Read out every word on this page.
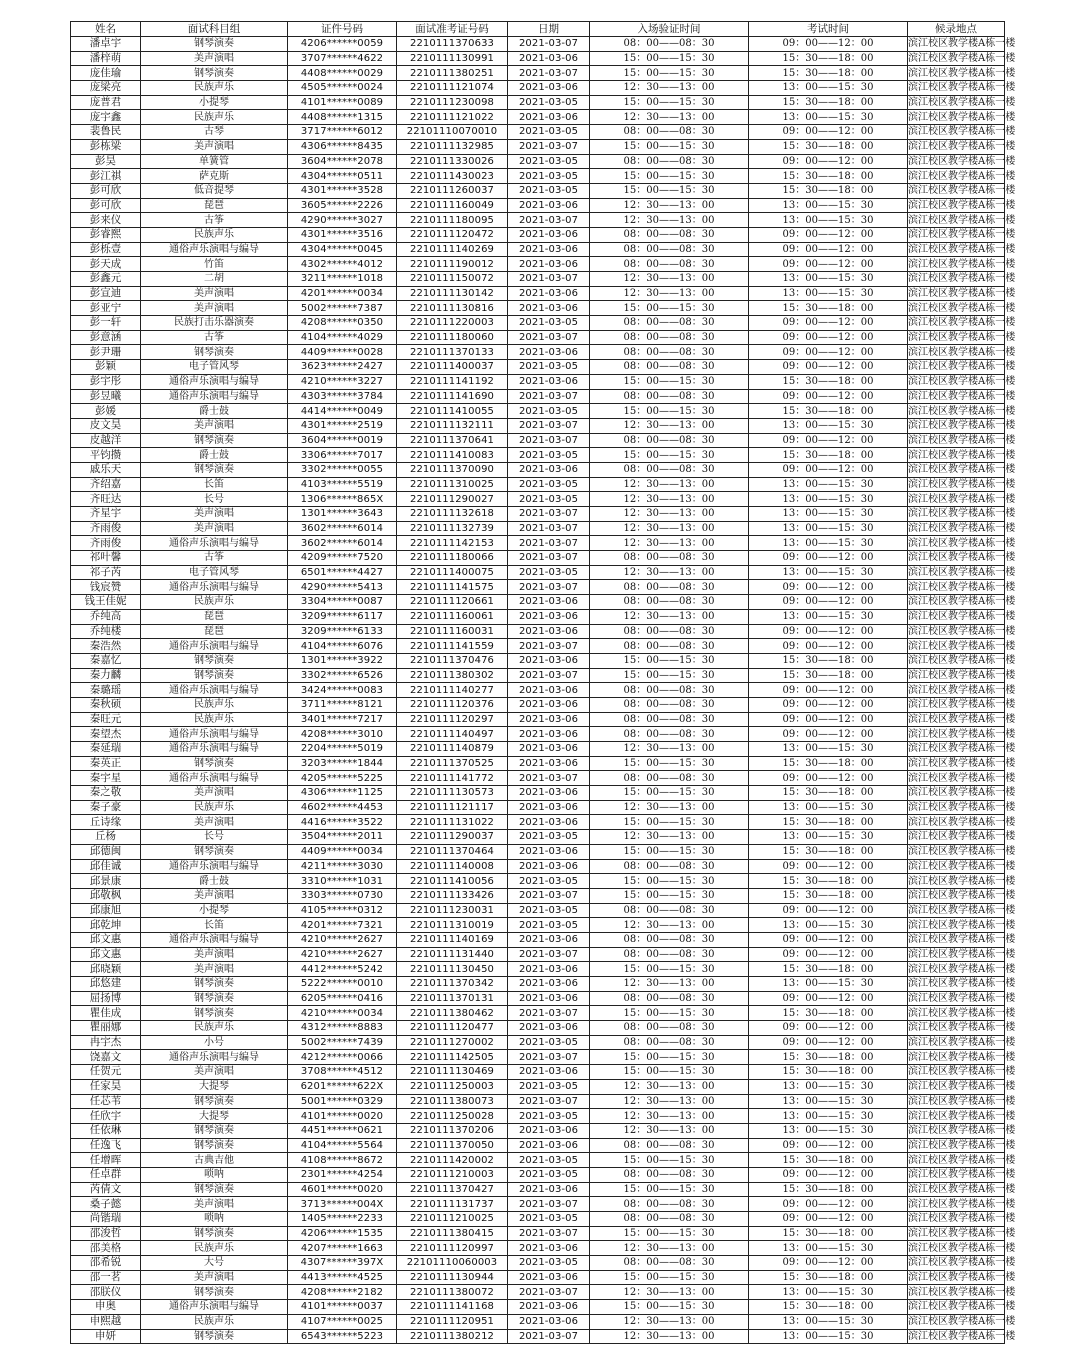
姓名	面试科目组	证件号码	面试准考证号码	日期	入场验证时间	考试时间	候录地点
潘卓宇	钢琴演奏	4206******0059	2210111370633	2021-03-07	08：00——08：30	09：00——12：00	滨江校区教学楼A栋一楼
潘梓萌	美声演唱	3707******4622	2210111130991	2021-03-06	15：00——15：30	15：30——18：00	滨江校区教学楼A栋一楼
庞佳瑜	钢琴演奏	4408******0029	2210111380251	2021-03-07	15：00——15：30	15：30——18：00	滨江校区教学楼A栋一楼
庞梁亮	民族声乐	4505******0024	2210111121074	2021-03-06	12：30——13：00	13：00——15：30	滨江校区教学楼A栋一楼
庞普君	小提琴	4101******0089	2210111230098	2021-03-05	15：00——15：30	15：30——18：00	滨江校区教学楼A栋一楼
庞宇鑫	民族声乐	4408******1315	2210111121022	2021-03-06	12：30——13：00	13：00——15：30	滨江校区教学楼A栋一楼
裴鲁民	古琴	3717******6012	22101110070010	2021-03-05	08：00——08：30	09：00——12：00	滨江校区教学楼A栋一楼
彭栋梁	美声演唱	4306******8435	2210111132985	2021-03-07	15：00——15：30	15：30——18：00	滨江校区教学楼A栋一楼
彭昊	单簧管	3604******2078	2210111330026	2021-03-05	08：00——08：30	09：00——12：00	滨江校区教学楼A栋一楼
彭江祺	萨克斯	4304******0511	2210111430023	2021-03-05	15：00——15：30	15：30——18：00	滨江校区教学楼A栋一楼
彭可欣	低音提琴	4301******3528	2210111260037	2021-03-05	15：00——15：30	15：30——18：00	滨江校区教学楼A栋一楼
彭可欣	琵琶	3605******2226	2210111160049	2021-03-06	12：30——13：00	13：00——15：30	滨江校区教学楼A栋一楼
彭来仪	古筝	4290******3027	2210111180095	2021-03-07	12：30——13：00	13：00——15：30	滨江校区教学楼A栋一楼
彭睿熙	民族声乐	4301******3516	2210111120472	2021-03-06	08：00——08：30	09：00——12：00	滨江校区教学楼A栋一楼
彭栎壹	通俗声乐演唱与编导	4304******0045	2210111140269	2021-03-06	08：00——08：30	09：00——12：00	滨江校区教学楼A栋一楼
彭天成	竹笛	4302******4012	2210111190012	2021-03-06	08：00——08：30	09：00——12：00	滨江校区教学楼A栋一楼
彭鑫元	二胡	3211******1018	2210111150072	2021-03-07	12：30——13：00	13：00——15：30	滨江校区教学楼A栋一楼
彭宣迪	美声演唱	4201******0034	2210111130142	2021-03-06	12：30——13：00	13：00——15：30	滨江校区教学楼A栋一楼
彭亚宁	美声演唱	5002******7387	2210111130816	2021-03-06	15：00——15：30	15：30——18：00	滨江校区教学楼A栋一楼
彭一轩	民族打击乐器演奏	4208******0350	2210111220003	2021-03-05	08：00——08：30	09：00——12：00	滨江校区教学楼A栋一楼
彭意涵	古筝	4104******4029	2210111180060	2021-03-07	08：00——08：30	09：00——12：00	滨江校区教学楼A栋一楼
彭尹珊	钢琴演奏	4409******0028	2210111370133	2021-03-06	08：00——08：30	09：00——12：00	滨江校区教学楼A栋一楼
彭颖	电子管风琴	3623******2427	2210111400037	2021-03-05	08：00——08：30	09：00——12：00	滨江校区教学楼A栋一楼
彭宇彤	通俗声乐演唱与编导	4210******3227	2210111141192	2021-03-06	15：00——15：30	15：30——18：00	滨江校区教学楼A栋一楼
彭昱曦	通俗声乐演唱与编导	4303******3784	2210111141690	2021-03-07	08：00——08：30	09：00——12：00	滨江校区教学楼A栋一楼
彭媛	爵士鼓	4414******0049	2210111410055	2021-03-05	15：00——15：30	15：30——18：00	滨江校区教学楼A栋一楼
皮文昊	美声演唱	4301******2519	2210111132111	2021-03-07	12：30——13：00	13：00——15：30	滨江校区教学楼A栋一楼
皮越洋	钢琴演奏	3604******0019	2210111370641	2021-03-07	08：00——08：30	09：00——12：00	滨江校区教学楼A栋一楼
平钧攒	爵士鼓	3306******7017	2210111410083	2021-03-05	15：00——15：30	15：30——18：00	滨江校区教学楼A栋一楼
戚乐天	钢琴演奏	3302******0055	2210111370090	2021-03-06	08：00——08：30	09：00——12：00	滨江校区教学楼A栋一楼
齐绍嘉	长笛	4103******5519	2210111310025	2021-03-05	12：30——13：00	13：00——15：30	滨江校区教学楼A栋一楼
齐旺达	长号	1306******865X	2210111290027	2021-03-05	12：30——13：00	13：00——15：30	滨江校区教学楼A栋一楼
齐星宇	美声演唱	1301******3643	2210111132618	2021-03-07	12：30——13：00	13：00——15：30	滨江校区教学楼A栋一楼
齐雨俊	美声演唱	3602******6014	2210111132739	2021-03-07	12：30——13：00	13：00——15：30	滨江校区教学楼A栋一楼
齐雨俊	通俗声乐演唱与编导	3602******6014	2210111142153	2021-03-07	12：30——13：00	13：00——15：30	滨江校区教学楼A栋一楼
祁叶馨	古筝	4209******7520	2210111180066	2021-03-07	08：00——08：30	09：00——12：00	滨江校区教学楼A栋一楼
祁子芮	电子管风琴	6501******4427	2210111400075	2021-03-05	12：30——13：00	13：00——15：30	滨江校区教学楼A栋一楼
钱宸赞	通俗声乐演唱与编导	4290******5413	2210111141575	2021-03-07	08：00——08：30	09：00——12：00	滨江校区教学楼A栋一楼
钱王佳妮	民族声乐	3304******0087	2210111120661	2021-03-06	08：00——08：30	09：00——12：00	滨江校区教学楼A栋一楼
乔纯高	琵琶	3209******6117	2210111160061	2021-03-06	12：30——13：00	13：00——15：30	滨江校区教学楼A栋一楼
乔纯楼	琵琶	3209******6133	2210111160031	2021-03-06	08：00——08：30	09：00——12：00	滨江校区教学楼A栋一楼
秦浩然	通俗声乐演唱与编导	4104******6076	2210111141559	2021-03-07	08：00——08：30	09：00——12：00	滨江校区教学楼A栋一楼
秦嘉忆	钢琴演奏	1301******3922	2210111370476	2021-03-06	15：00——15：30	15：30——18：00	滨江校区教学楼A栋一楼
秦力麟	钢琴演奏	3302******6526	2210111380302	2021-03-07	15：00——15：30	15：30——18：00	滨江校区教学楼A栋一楼
秦璐瑶	通俗声乐演唱与编导	3424******0083	2210111140277	2021-03-06	08：00——08：30	09：00——12：00	滨江校区教学楼A栋一楼
秦秋硕	民族声乐	3711******8121	2210111120376	2021-03-06	08：00——08：30	09：00——12：00	滨江校区教学楼A栋一楼
秦旺元	民族声乐	3401******7217	2210111120297	2021-03-06	08：00——08：30	09：00——12：00	滨江校区教学楼A栋一楼
秦望杰	通俗声乐演唱与编导	4208******3010	2210111140497	2021-03-06	08：00——08：30	09：00——12：00	滨江校区教学楼A栋一楼
秦延瑞	通俗声乐演唱与编导	2204******5019	2210111140879	2021-03-06	12：30——13：00	13：00——15：30	滨江校区教学楼A栋一楼
秦英正	钢琴演奏	3203******1844	2210111370525	2021-03-06	15：00——15：30	15：30——18：00	滨江校区教学楼A栋一楼
秦宇星	通俗声乐演唱与编导	4205******5225	2210111141772	2021-03-07	08：00——08：30	09：00——12：00	滨江校区教学楼A栋一楼
秦之敬	美声演唱	4306******1125	2210111130573	2021-03-06	15：00——15：30	15：30——18：00	滨江校区教学楼A栋一楼
秦子豪	民族声乐	4602******4453	2210111121117	2021-03-06	12：30——13：00	13：00——15：30	滨江校区教学楼A栋一楼
丘诗缘	美声演唱	4416******3522	2210111131022	2021-03-06	15：00——15：30	15：30——18：00	滨江校区教学楼A栋一楼
丘杨	长号	3504******2011	2210111290037	2021-03-05	12：30——13：00	13：00——15：30	滨江校区教学楼A栋一楼
邱德闽	钢琴演奏	4409******0034	2210111370464	2021-03-06	15：00——15：30	15：30——18：00	滨江校区教学楼A栋一楼
邱佳诚	通俗声乐演唱与编导	4211******3030	2210111140008	2021-03-06	08：00——08：30	09：00——12：00	滨江校区教学楼A栋一楼
邱景康	爵士鼓	3310******1031	2210111410056	2021-03-05	15：00——15：30	15：30——18：00	滨江校区教学楼A栋一楼
邱敬枫	美声演唱	3303******0730	2210111133426	2021-03-07	15：00——15：30	15：30——18：00	滨江校区教学楼A栋一楼
邱康旭	小提琴	4105******0312	2210111230031	2021-03-05	08：00——08：30	09：00——12：00	滨江校区教学楼A栋一楼
邱乾坤	长笛	4201******7321	2210111310019	2021-03-05	12：30——13：00	13：00——15：30	滨江校区教学楼A栋一楼
邱文惠	通俗声乐演唱与编导	4210******2627	2210111140169	2021-03-06	08：00——08：30	09：00——12：00	滨江校区教学楼A栋一楼
邱文惠	美声演唱	4210******2627	2210111131440	2021-03-07	08：00——08：30	09：00——12：00	滨江校区教学楼A栋一楼
邱晓颖	美声演唱	4412******5242	2210111130450	2021-03-06	15：00——15：30	15：30——18：00	滨江校区教学楼A栋一楼
邱悠建	钢琴演奏	5222******0010	2210111370342	2021-03-06	12：30——13：00	13：00——15：30	滨江校区教学楼A栋一楼
屈扬博	钢琴演奏	6205******0416	2210111370131	2021-03-06	08：00——08：30	09：00——12：00	滨江校区教学楼A栋一楼
瞿佳成	钢琴演奏	4210******0034	2210111380462	2021-03-07	15：00——15：30	15：30——18：00	滨江校区教学楼A栋一楼
瞿丽娜	民族声乐	4312******8883	2210111120477	2021-03-06	08：00——08：30	09：00——12：00	滨江校区教学楼A栋一楼
冉宇杰	小号	5002******7439	2210111270002	2021-03-05	08：00——08：30	09：00——12：00	滨江校区教学楼A栋一楼
饶嘉文	通俗声乐演唱与编导	4212******0066	2210111142505	2021-03-07	15：00——15：30	15：30——18：00	滨江校区教学楼A栋一楼
任贺元	美声演唱	3708******4512	2210111130469	2021-03-06	15：00——15：30	15：30——18：00	滨江校区教学楼A栋一楼
任家昊	大提琴	6201******622X	2210111250003	2021-03-05	12：30——13：00	13：00——15：30	滨江校区教学楼A栋一楼
任芯苇	钢琴演奏	5001******0329	2210111380073	2021-03-07	12：30——13：00	13：00——15：30	滨江校区教学楼A栋一楼
任欣宇	大提琴	4101******0020	2210111250028	2021-03-05	12：30——13：00	13：00——15：30	滨江校区教学楼A栋一楼
任依琳	钢琴演奏	4451******0621	2210111370206	2021-03-06	12：30——13：00	13：00——15：30	滨江校区教学楼A栋一楼
任逸飞	钢琴演奏	4104******5564	2210111370050	2021-03-06	08：00——08：30	09：00——12：00	滨江校区教学楼A栋一楼
任增晖	古典吉他	4108******8672	2210111420002	2021-03-05	15：00——15：30	15：30——18：00	滨江校区教学楼A栋一楼
任卓群	唢呐	2301******4254	2210111210003	2021-03-05	08：00——08：30	09：00——12：00	滨江校区教学楼A栋一楼
芮倩文	钢琴演奏	4601******0020	2210111370427	2021-03-06	15：00——15：30	15：30——18：00	滨江校区教学楼A栋一楼
桑子懿	美声演唱	3713******004X	2210111131737	2021-03-07	08：00——08：30	09：00——12：00	滨江校区教学楼A栋一楼
尚锴瑞	唢呐	1405******2233	2210111210025	2021-03-05	08：00——08：30	09：00——12：00	滨江校区教学楼A栋一楼
邵浚哲	钢琴演奏	4206******1535	2210111380415	2021-03-07	15：00——15：30	15：30——18：00	滨江校区教学楼A栋一楼
邵美格	民族声乐	4207******1663	2210111120997	2021-03-06	12：30——13：00	13：00——15：30	滨江校区教学楼A栋一楼
邵希锐	大号	4307******397X	22101110060003	2021-03-05	08：00——08：30	09：00——12：00	滨江校区教学楼A栋一楼
邵一茗	美声演唱	4413******4525	2210111130944	2021-03-06	15：00——15：30	15：30——18：00	滨江校区教学楼A栋一楼
邵朕仪	钢琴演奏	4208******2182	2210111380072	2021-03-07	12：30——13：00	13：00——15：30	滨江校区教学楼A栋一楼
申奥	通俗声乐演唱与编导	4101******0037	2210111141168	2021-03-06	15：00——15：30	15：30——18：00	滨江校区教学楼A栋一楼
申熙越	民族声乐	4107******0025	2210111120951	2021-03-06	12：30——13：00	13：00——15：30	滨江校区教学楼A栋一楼
申妍	钢琴演奏	6543******5223	2210111380212	2021-03-07	12：30——13：00	13：00——15：30	滨江校区教学楼A栋一楼
